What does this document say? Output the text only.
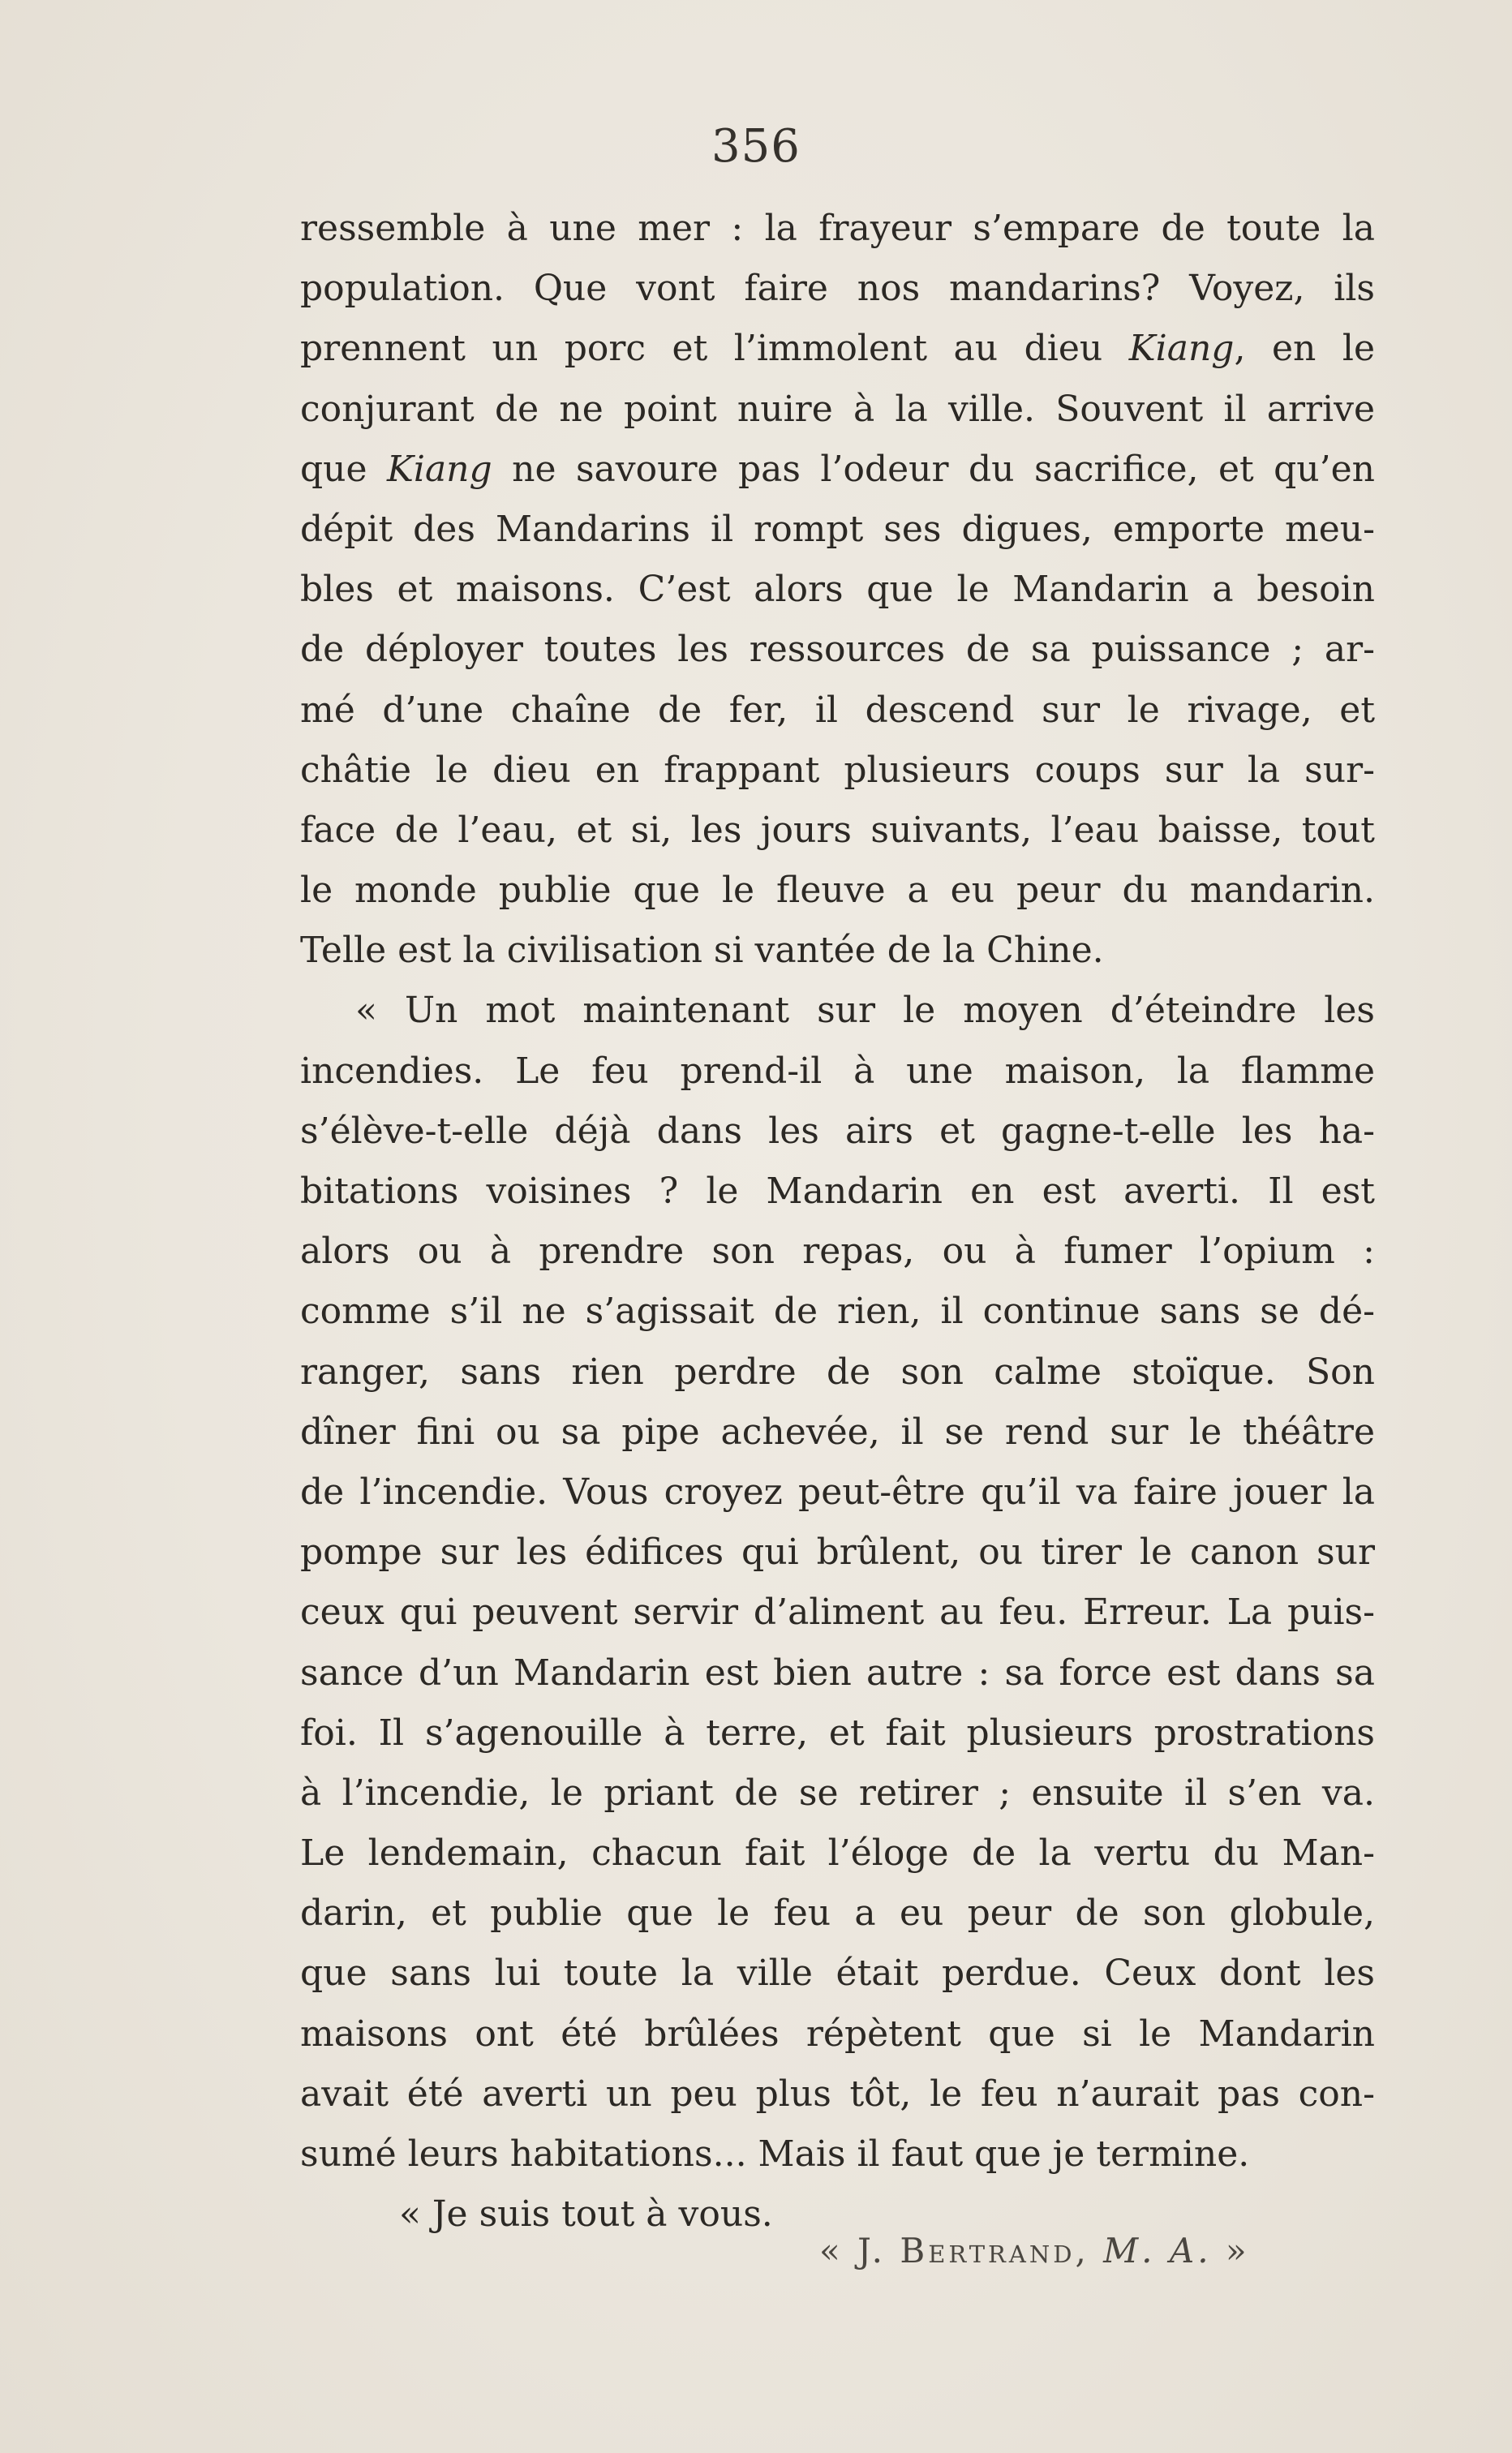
356
ressemble à une mer : la frayeur s’empare de toute la
population. Que vont faire nos mandarins? Voyez, ils
prennent un porc et l’immolent au dieu Kiang, en le
conjurant de ne point nuire à la ville. Souvent il arrive
que Kiang ne savoure pas l’odeur du sacrifice, et qu’en
dépit des Mandarins il rompt ses digues, emporte meu-
bles et maisons. C’est alors que le Mandarin a besoin
de déployer toutes les ressources de sa puissance ; ar-
mé d’une chaîne de fer, il descend sur le rivage, et
châtie le dieu en frappant plusieurs coups sur la sur-
face de l’eau, et si, les jours suivants, l’eau baisse, tout
le monde publie que le fleuve a eu peur du mandarin.
Telle est la civilisation si vantée de la Chine.
« Un mot maintenant sur le moyen d’éteindre les
incendies. Le feu prend-il à une maison, la flamme
s’élève-t-elle déjà dans les airs et gagne-t-elle les ha-
bitations voisines ? le Mandarin en est averti. Il est
alors ou à prendre son repas, ou à fumer l’opium :
comme s’il ne s’agissait de rien, il continue sans se dé-
ranger, sans rien perdre de son calme stoïque. Son
dîner fini ou sa pipe achevée, il se rend sur le théâtre
de l’incendie. Vous croyez peut-être qu’il va faire jouer la
pompe sur les édifices qui brûlent, ou tirer le canon sur
ceux qui peuvent servir d’aliment au feu. Erreur. La puis-
sance d’un Mandarin est bien autre : sa force est dans sa
foi. Il s’agenouille à terre, et fait plusieurs prostrations
à l’incendie, le priant de se retirer ; ensuite il s’en va.
Le lendemain, chacun fait l’éloge de la vertu du Man-
darin, et publie que le feu a eu peur de son globule,
que sans lui toute la ville était perdue. Ceux dont les
maisons ont été brûlées répètent que si le Mandarin
avait été averti un peu plus tôt, le feu n’aurait pas con-
sumé leurs habitations... Mais il faut que je termine.
« Je suis tout à vous.
« J. Bertrand, M. A. »
